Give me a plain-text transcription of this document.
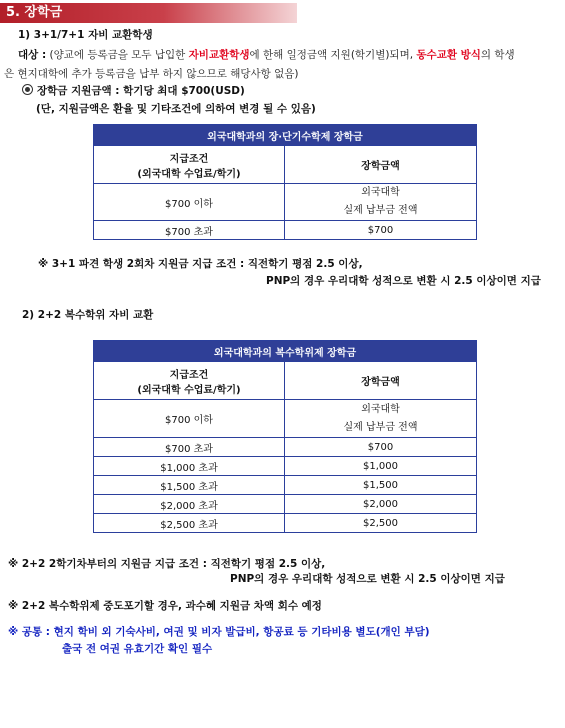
5. 장학금
1) 3+1/7+1 자비 교환학생
대상 : (양교에 등록금을 모두 납입한 자비교환학생에 한해 일정금액 지원(학기별)되며, 동수교환 방식의 학생
은 현지대학에 추가 등록금을 납부 하지 않으므로 해당사항 없음)
장학금 지원금액 : 학기당 최대 $700(USD)
(단, 지원금액은 환율 및 기타조건에 의하여 변경 될 수 있음)
외국대학과의 장·단기수학제 장학금	

지급조건
(외국대학 수업료/학기)	장학금액
$700 이하	외국대학
실제 납부금 전액

$700 초과	$700
※ 3+1 파견 학생 2회차 지원금 지급 조건 : 직전학기 평점 2.5 이상,
PNP의 경우 우리대학 성적으로 변환 시 2.5 이상이면 지급
2) 2+2 복수학위 자비 교환
외국대학과의 복수학위제 장학금	

지급조건
(외국대학 수업료/학기)	장학금액
$700 이하	외국대학
실제 납부금 전액

$700 초과	$700
$1,000 초과	$1,000
$1,500 초과	$1,500
$2,000 초과	$2,000
$2,500 초과	$2,500
※ 2+2 2학기차부터의 지원금 지급 조건 : 직전학기 평점 2.5 이상,
PNP의 경우 우리대학 성적으로 변환 시 2.5 이상이면 지급
※ 2+2 복수학위제 중도포기할 경우, 과수혜 지원금 차액 회수 예정
※ 공통 : 현지 학비 외 기숙사비, 여권 및 비자 발급비, 항공료 등 기타비용 별도(개인 부담)
출국 전 여권 유효기간 확인 필수
